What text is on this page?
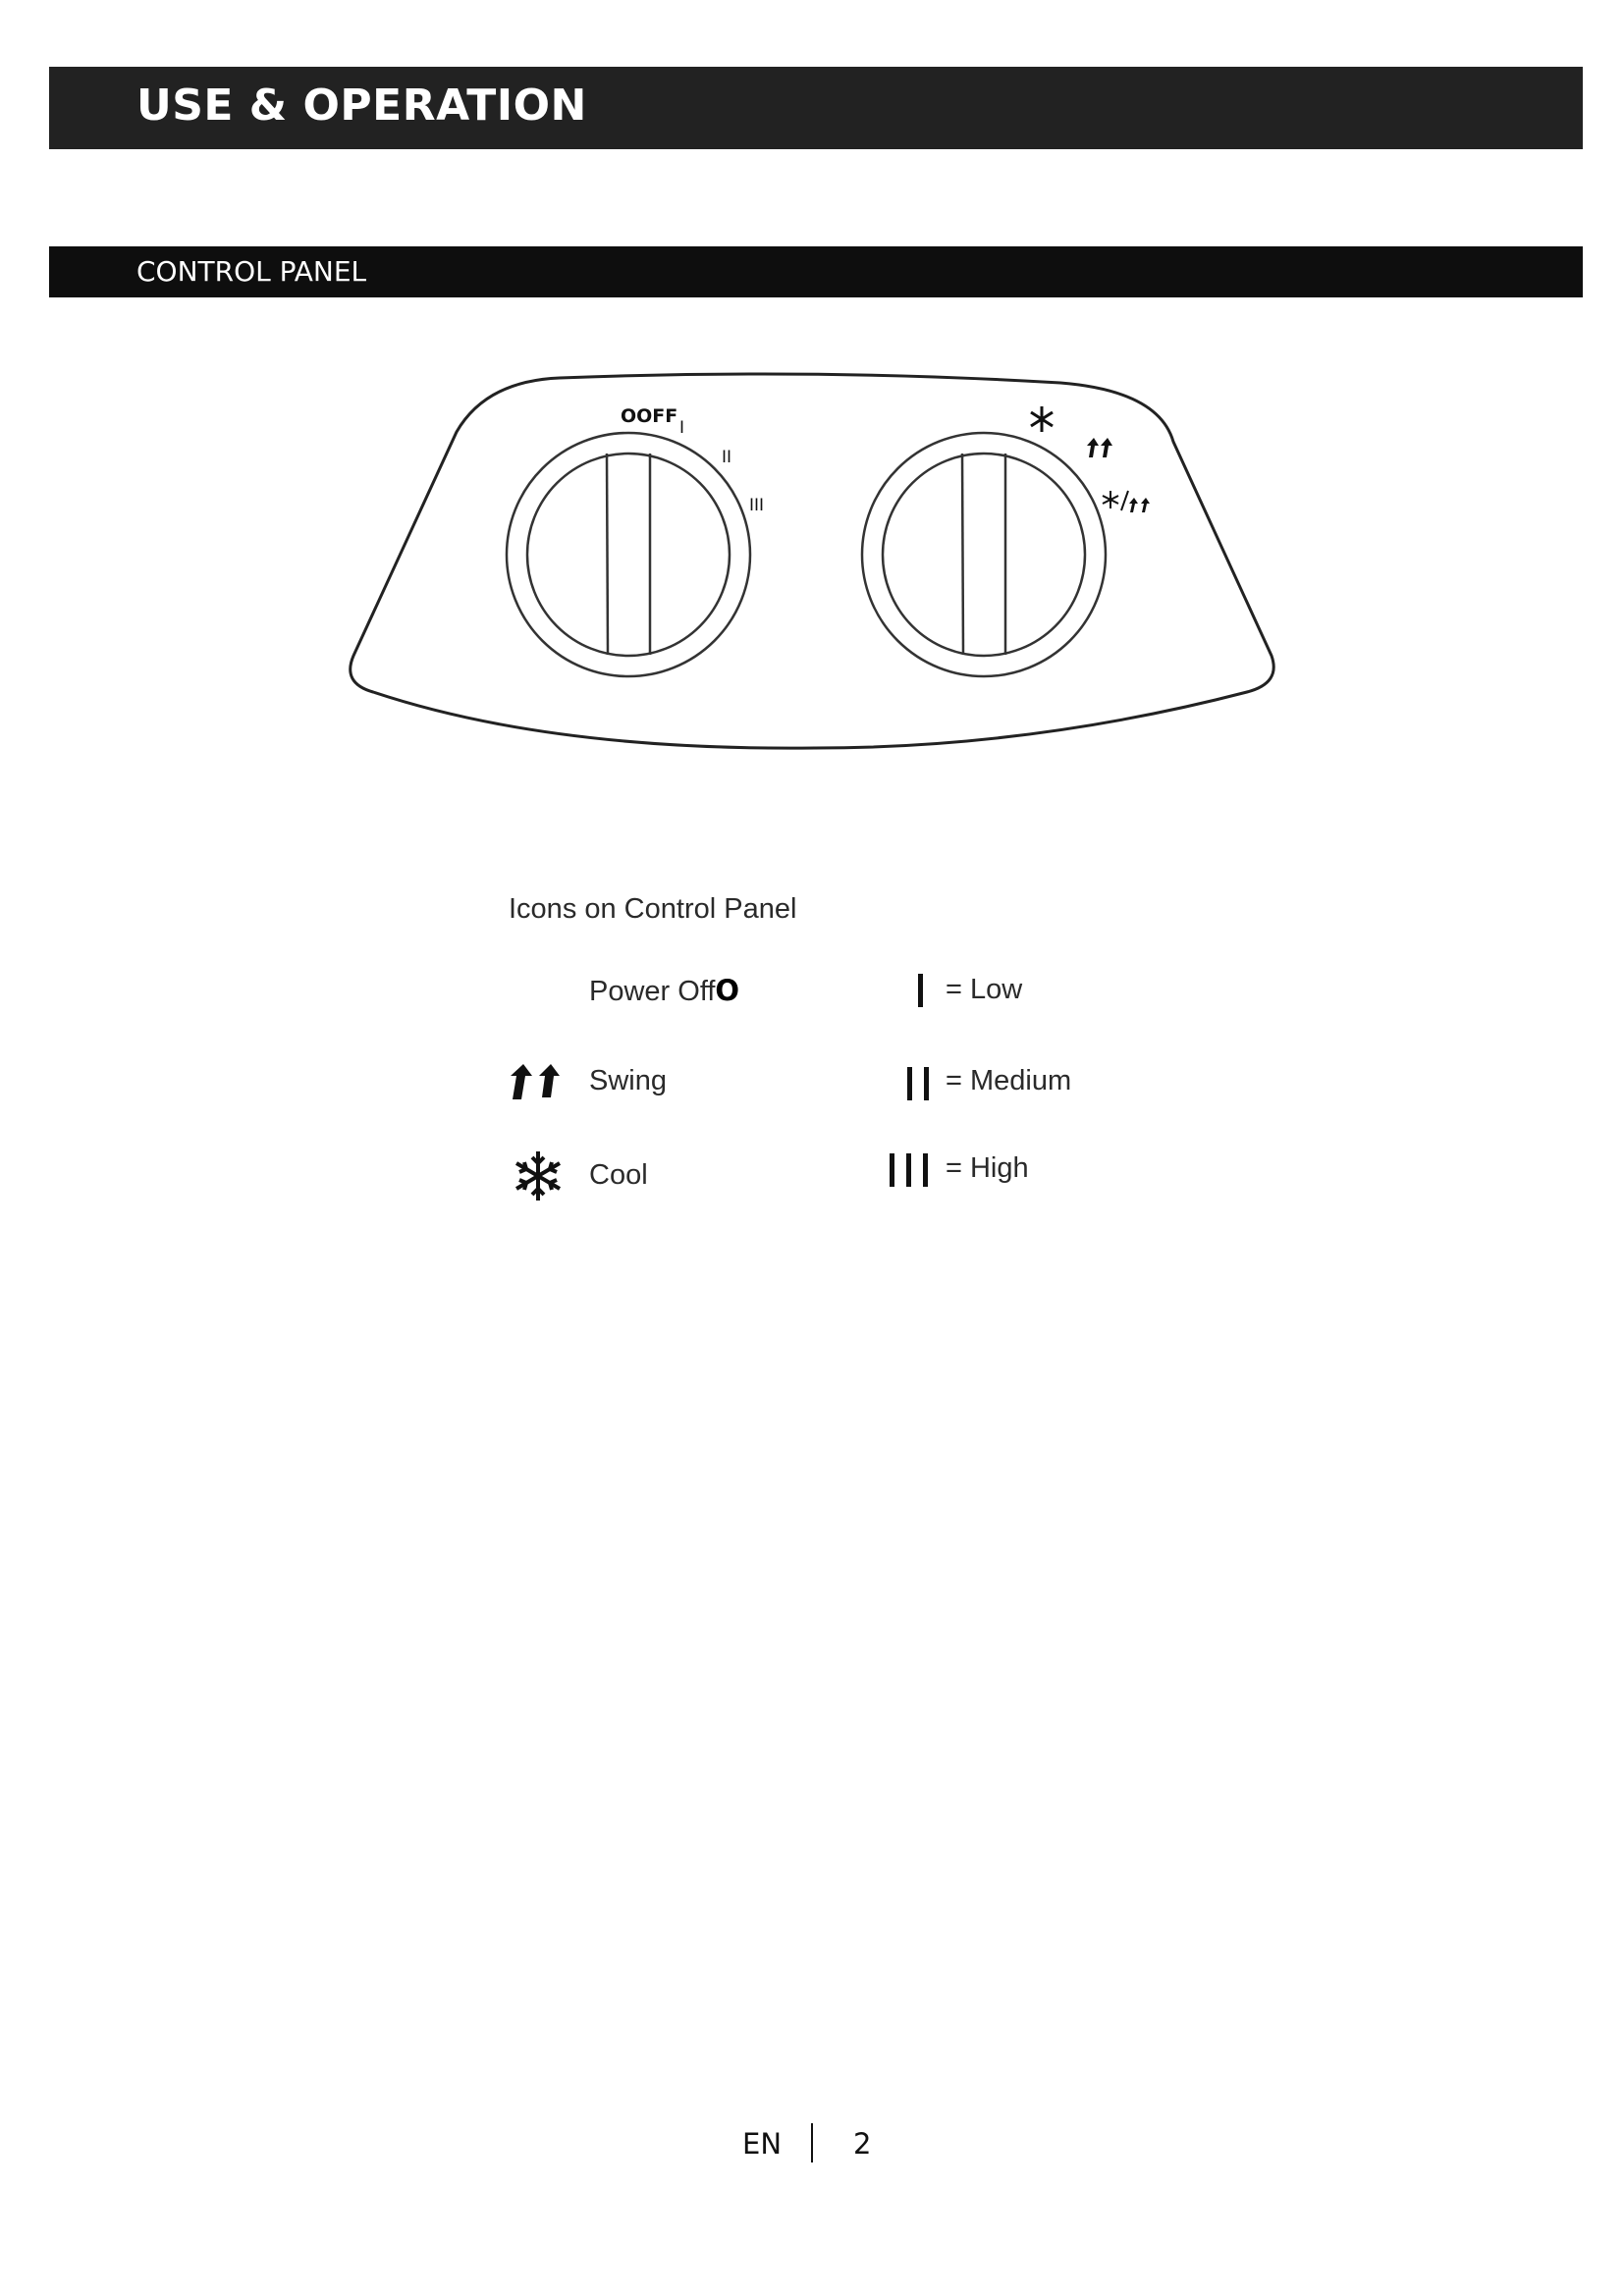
USE & OPERATION
CONTROL PANEL
OOFF
I
II
III
Icons on Control Panel
Power OffO
Swing
Cool
= Low
= Medium
= High
EN	2
